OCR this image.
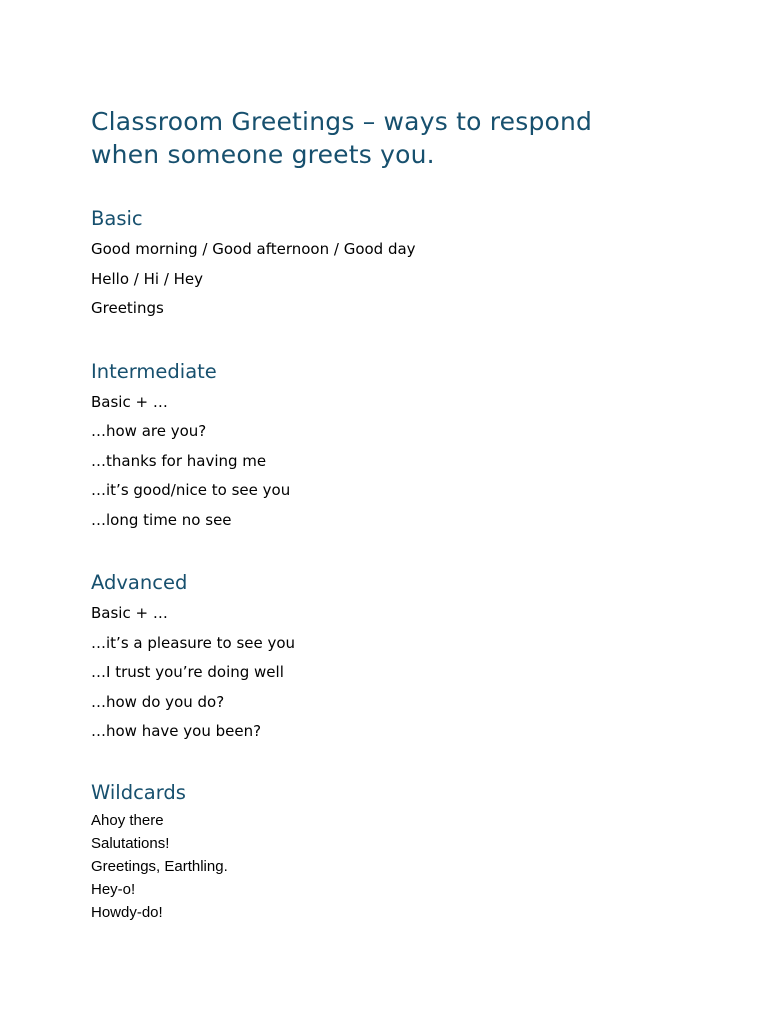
Classroom Greetings – ways to respond when someone greets you.
Basic

Good morning / Good afternoon / Good day

Hello / Hi / Hey

Greetings

Intermediate

Basic + …

…how are you?

…thanks for having me

…it’s good/nice to see you

…long time no see

Advanced

Basic + …

…it’s a pleasure to see you

…I trust you’re doing well

…how do you do?

…how have you been?

Wildcards

Ahoy there

Salutations!

Greetings, Earthling.

Hey-o!

Howdy-do!
